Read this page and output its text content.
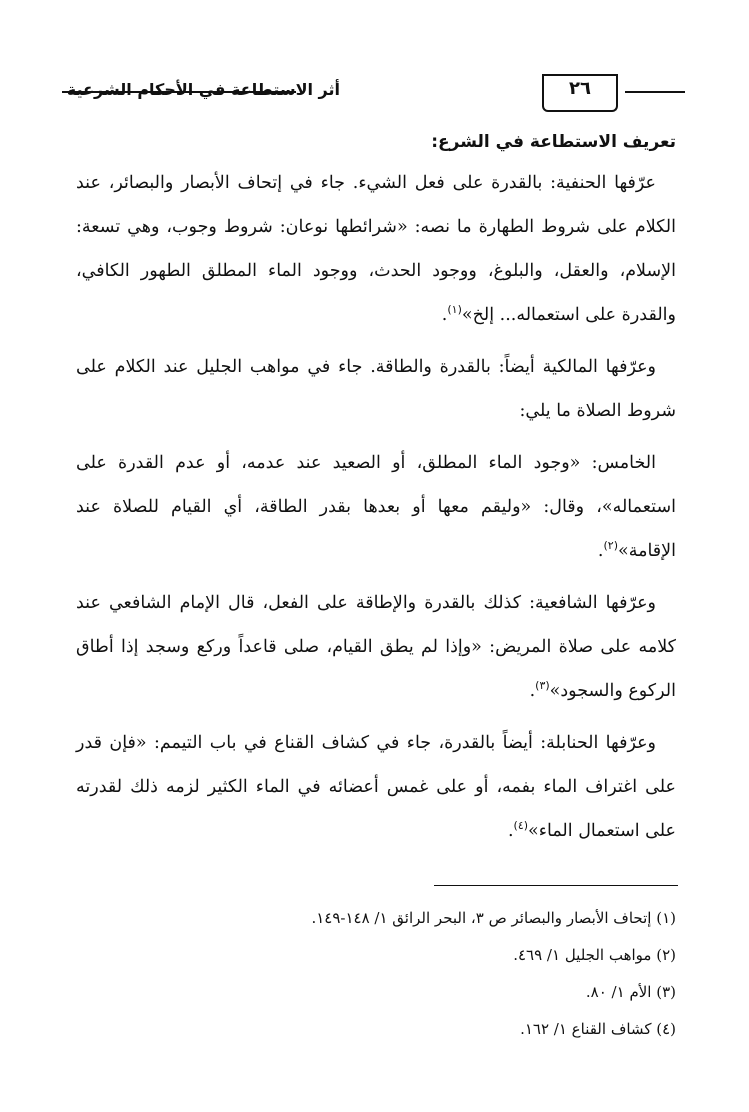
أثر الاستطاعة في الأحكام الشرعية	٢٦
تعريف الاستطاعة في الشرع:

عرّفها الحنفية: بالقدرة على فعل الشيء. جاء في إتحاف الأبصار والبصائر، عند الكلام على شروط الطهارة ما نصه: «شرائطها نوعان: شروط وجوب، وهي تسعة: الإسلام، والعقل، والبلوغ، ووجود الحدث، ووجود الماء المطلق الطهور الكافي، والقدرة على استعماله... إلخ»$^{(١)}$.

وعرّفها المالكية أيضاً: بالقدرة والطاقة. جاء في مواهب الجليل عند الكلام على شروط الصلاة ما يلي:

الخامس: «وجود الماء المطلق، أو الصعيد عند عدمه، أو عدم القدرة على استعماله»، وقال: «وليقم معها أو بعدها بقدر الطاقة، أي القيام للصلاة عند الإقامة»$^{(٢)}$.

وعرّفها الشافعية: كذلك بالقدرة والإطاقة على الفعل، قال الإمام الشافعي عند كلامه على صلاة المريض: «وإذا لم يطق القيام، صلى قاعداً وركع وسجد إذا أطاق الركوع والسجود»$^{(٣)}$.

وعرّفها الحنابلة: أيضاً بالقدرة، جاء في كشاف القناع في باب التيمم: «فإن قدر على اغتراف الماء بفمه، أو على غمس أعضائه في الماء الكثير لزمه ذلك لقدرته على استعمال الماء»$^{(٤)}$.

(١) إتحاف الأبصار والبصائر ص ٣، البحر الرائق ١/ ١٤٨-١٤٩.

(٢) مواهب الجليل ١/ ٤٦٩.

(٣) الأم ١/ ٨٠.

(٤) كشاف القناع ١/ ١٦٢.
